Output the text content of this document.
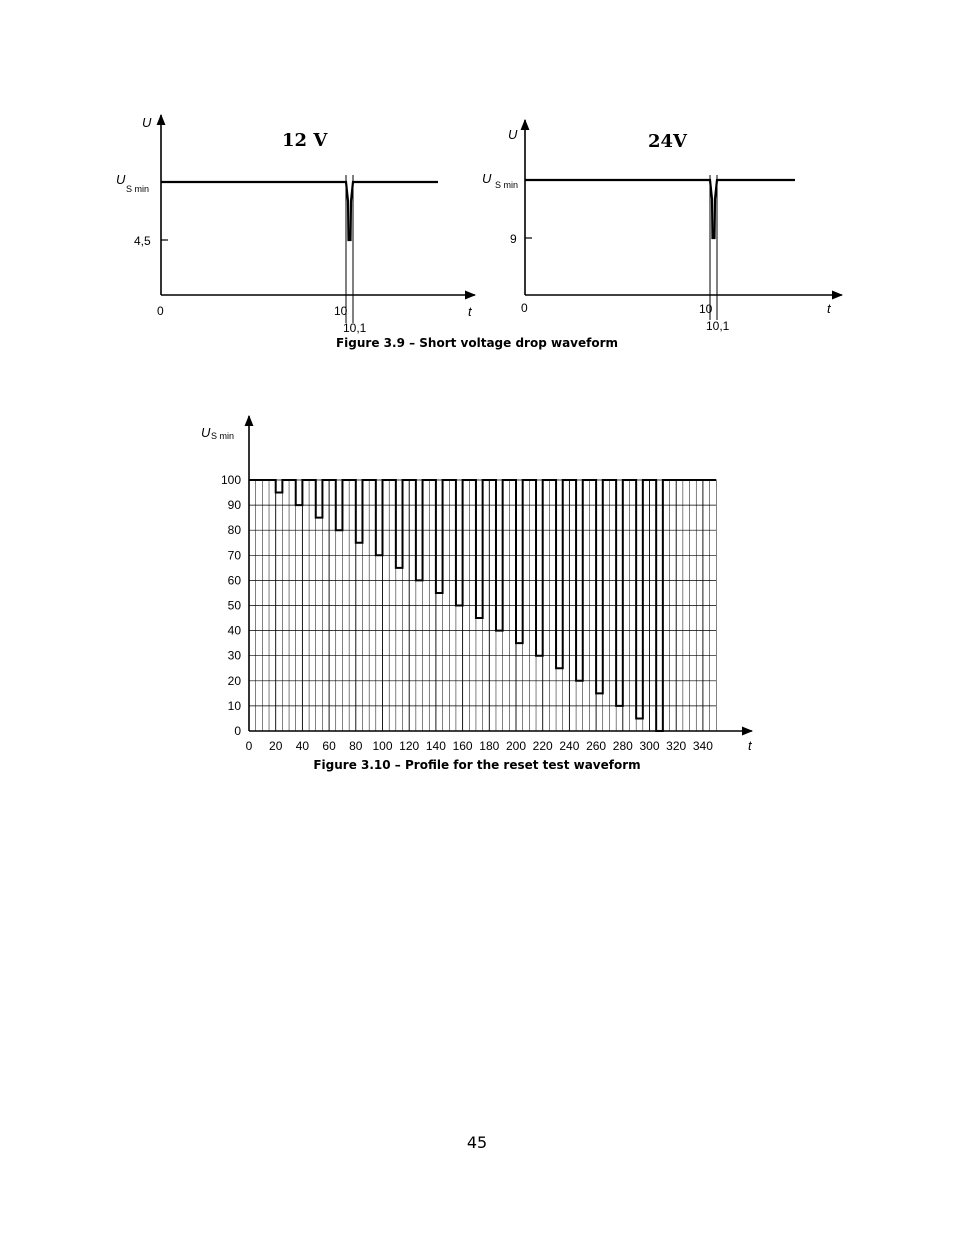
U
12 V
U
S min
4,5
0	t
10
10,1
U	24V
U S min
9
0	t
10
10,1
Figure 3.9 – Short voltage drop waveform
U S min
t
0
10
20
30
40
50
60
70
80
90
100
0 20 40 60 80 100 120 140 160 180 200 220 240 260 280 300 320 340
Figure 3.10 – Profile for the reset test waveform
45
